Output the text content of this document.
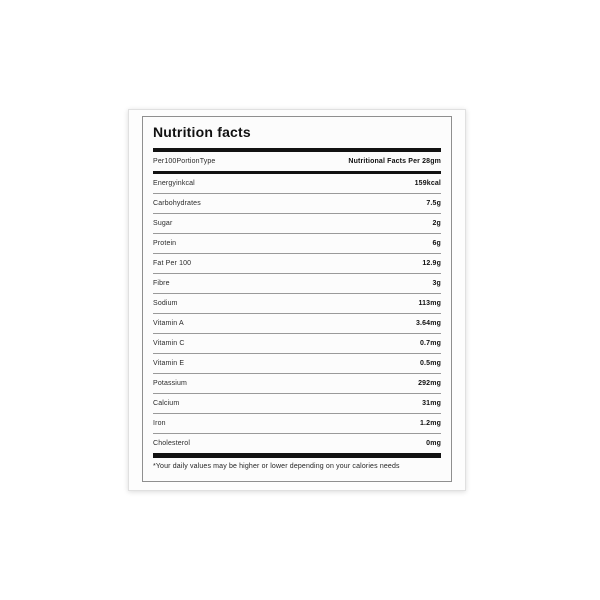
Nutrition facts
Per100PortionType	Nutritional Facts Per 28gm
Energyinkcal	159kcal
Carbohydrates	7.5g
Sugar	2g
Protein	6g
Fat Per 100	12.9g
Fibre	3g
Sodium	113mg
Vitamin A	3.64mg
Vitamin C	0.7mg
Vitamin E	0.5mg
Potassium	292mg
Calcium	31mg
Iron	1.2mg
Cholesterol	0mg
*Your daily values may be higher or lower depending on your calories needs
